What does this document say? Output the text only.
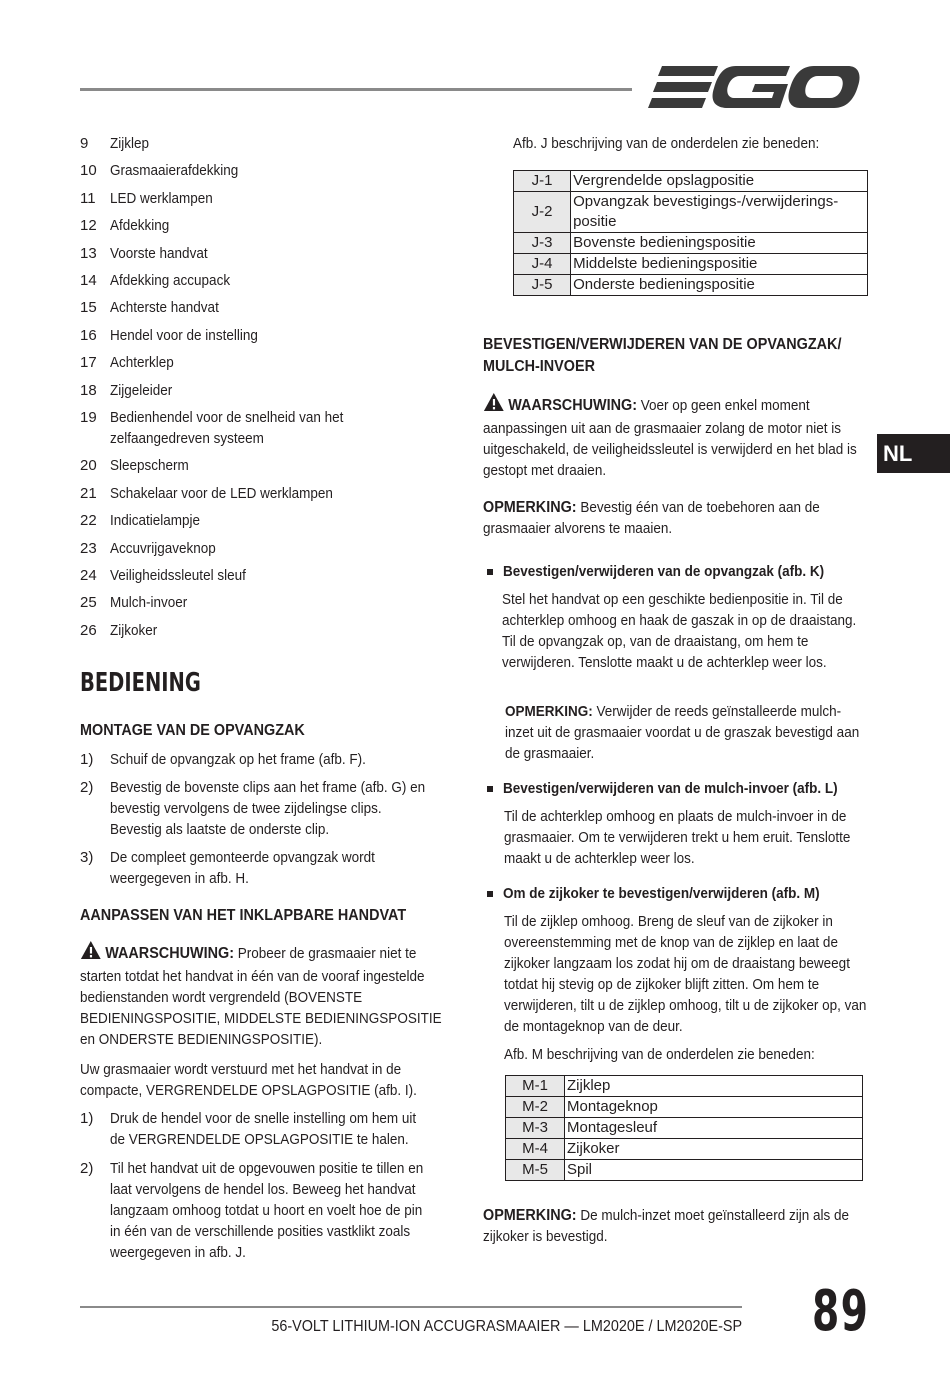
NL
9	Zijklep
10 Grasmaaierafdekking
11 LED werklampen
12 Afdekking
13 Voorste handvat
14 Afdekking accupack
15 Achterste handvat
16 Hendel voor de instelling
17 Achterklep
18 Zijgeleider
19 Bedienhendel voor de snelheid van het zelfaangedreven systeem
20 Sleepscherm
21 Schakelaar voor de LED werklampen
22 Indicatielampje
23 Accuvrijgaveknop
24 Veiligheidssleutel sleuf
25 Mulch-invoer
26 Zijkoker
BEDIENING
MONTAGE VAN DE OPVANGZAK
1)	Schuif de opvangzak op het frame (afb. F).
2)	Bevestig de bovenste clips aan het frame (afb. G) en bevestig vervolgens de twee zijdelingse clips. Bevestig als laatste de onderste clip.
3)	De compleet gemonteerde opvangzak wordt weergegeven in afb. H.
AANPASSEN VAN HET INKLAPBARE HANDVAT
WAARSCHUWING: Probeer de grasmaaier niet te starten totdat het handvat in één van de vooraf ingestelde bedienstanden wordt vergrendeld (BOVENSTE BEDIENINGSPOSITIE, MIDDELSTE BEDIENINGSPOSITIE en ONDERSTE BEDIENINGSPOSITIE).
Uw grasmaaier wordt verstuurd met het handvat in de compacte, VERGRENDELDE OPSLAGPOSITIE (afb. I).
1)	Druk de hendel voor de snelle instelling om hem uit de VERGRENDELDE OPSLAGPOSITIE te halen.
2)	Til het handvat uit de opgevouwen positie te tillen en laat vervolgens de hendel los. Beweeg het handvat langzaam omhoog totdat u hoort en voelt hoe de pin in één van de verschillende posities vastklikt zoals weergegeven in afb. J.
Afb. J beschrijving van de onderdelen zie beneden:
J-1	Vergrendelde opslagpositie
J-2	Opvangzak bevestigings-/verwijderings-positie
J-3	Bovenste bedieningspositie
J-4	Middelste bedieningspositie
J-5	Onderste bedieningspositie
BEVESTIGEN/VERWIJDEREN VAN DE OPVANGZAK/
MULCH-INVOER
WAARSCHUWING: Voer op geen enkel moment aanpassingen uit aan de grasmaaier zolang de motor niet is uitgeschakeld, de veiligheidssleutel is verwijderd en het blad is gestopt met draaien.
OPMERKING: Bevestig één van de toebehoren aan de grasmaaier alvorens te maaien.
Bevestigen/verwijderen van de opvangzak (afb. K)
Stel het handvat op een geschikte bedienpositie in. Til de achterklep omhoog en haak de gaszak in op de draaistang. Til de opvangzak op, van de draaistang, om hem te verwijderen. Tenslotte maakt u de achterklep weer los.
OPMERKING: Verwijder de reeds geïnstalleerde mulch-inzet uit de grasmaaier voordat u de graszak bevestigd aan de grasmaaier.
Bevestigen/verwijderen van de mulch-invoer (afb. L)
Til de achterklep omhoog en plaats de mulch-invoer in de grasmaaier. Om te verwijderen trekt u hem eruit. Tenslotte maakt u de achterklep weer los.
Om de zijkoker te bevestigen/verwijderen (afb. M)
Til de zijklep omhoog. Breng de sleuf van de zijkoker in overeenstemming met de knop van de zijklep en laat de zijkoker langzaam los zodat hij om de draaistang beweegt totdat hij stevig op de zijkoker blijft zitten. Om hem te verwijderen, tilt u de zijklep omhoog, tilt u de zijkoker op, van de montageknop van de deur.
Afb. M beschrijving van de onderdelen zie beneden:
M-1	Zijklep
M-2	Montageknop
M-3	Montagesleuf
M-4	Zijkoker
M-5	Spil
OPMERKING: De mulch-inzet moet geïnstalleerd zijn als de zijkoker is bevestigd.
56-VOLT LITHIUM-ION ACCUGRASMAAIER — LM2020E / LM2020E-SP 89
